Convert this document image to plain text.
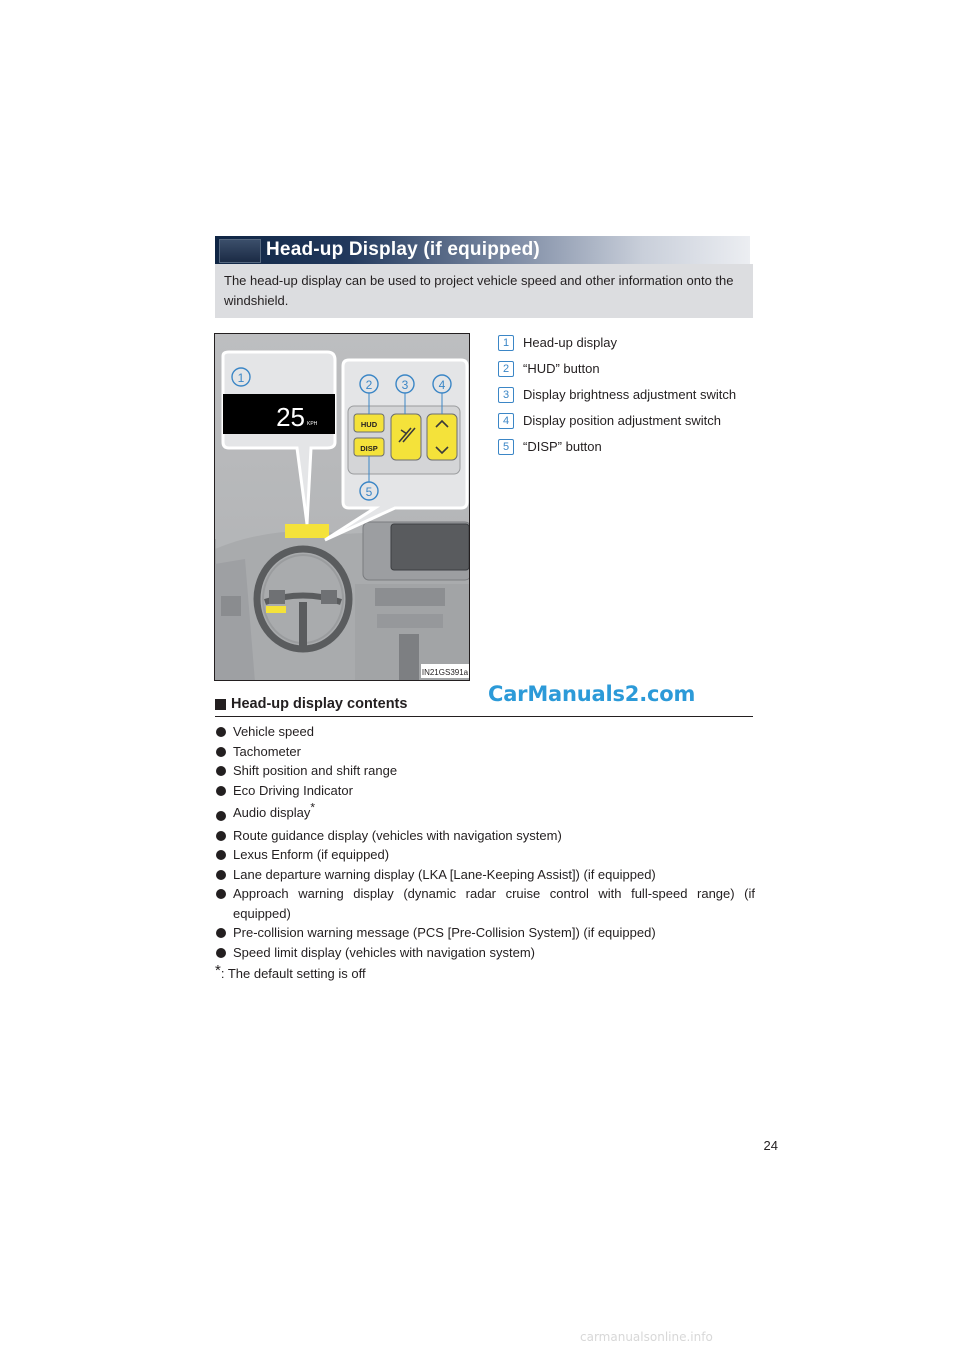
Head-up Display (if equipped)
The head-up display can be used to project vehicle speed and other information onto the windshield.
25 KPH
1
HUD
DISP
2 3	4
5
IN21GS391a
1	Head-up display
2	“HUD” button
3	Display brightness adjustment switch
4	Display position adjustment switch
5	“DISP” button
CarManuals2.com
Head-up display contents
Vehicle speed
Tachometer
Shift position and shift range
Eco Driving Indicator
Audio display*
Route guidance display (vehicles with navigation system)
Lexus Enform (if equipped)
Lane departure warning display (LKA [Lane-Keeping Assist]) (if equipped)
Approach warning display (dynamic radar cruise control with full-speed range) (if equipped)
Pre-collision warning message (PCS [Pre-Collision System]) (if equipped)
Speed limit display (vehicles with navigation system)
*: The default setting is off
24
carmanualsonline.info
